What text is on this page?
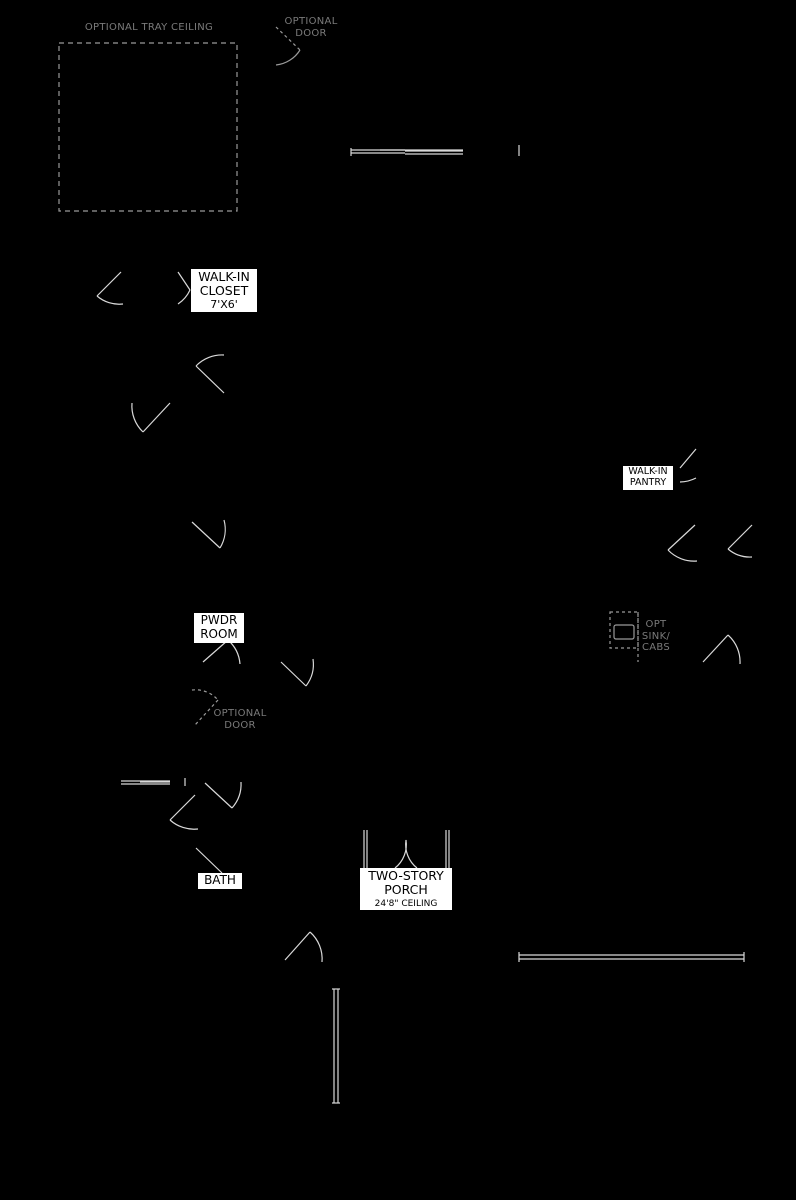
OPTIONAL TRAY CEILING
OPTIONAL
DOOR
OPTIONAL
DOOR
OPT
SINK/
CABS
WALK-IN
CLOSET
7'X6'
WALK-IN
PANTRY
PWDR
ROOM
BATH	TWO-STORY
PORCH
24'8" CEILING
